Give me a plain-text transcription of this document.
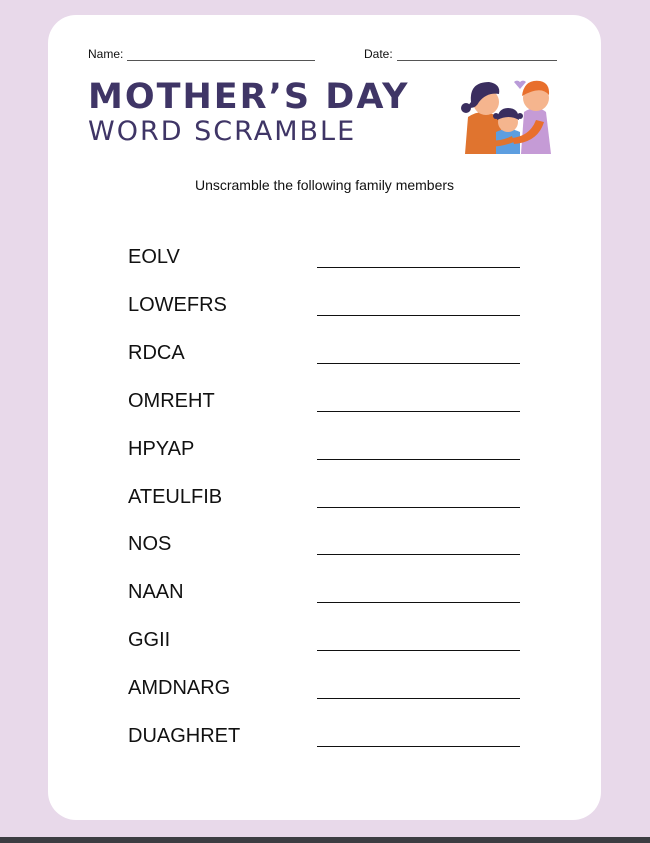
Name:	Date:
MOTHER’S DAY
WORD SCRAMBLE
Unscramble the following family members
EOLV
LOWEFRS
RDCA
OMREHT
HPYAP
ATEULFIB
NOS
NAAN
GGII
AMDNARG
DUAGHRET
